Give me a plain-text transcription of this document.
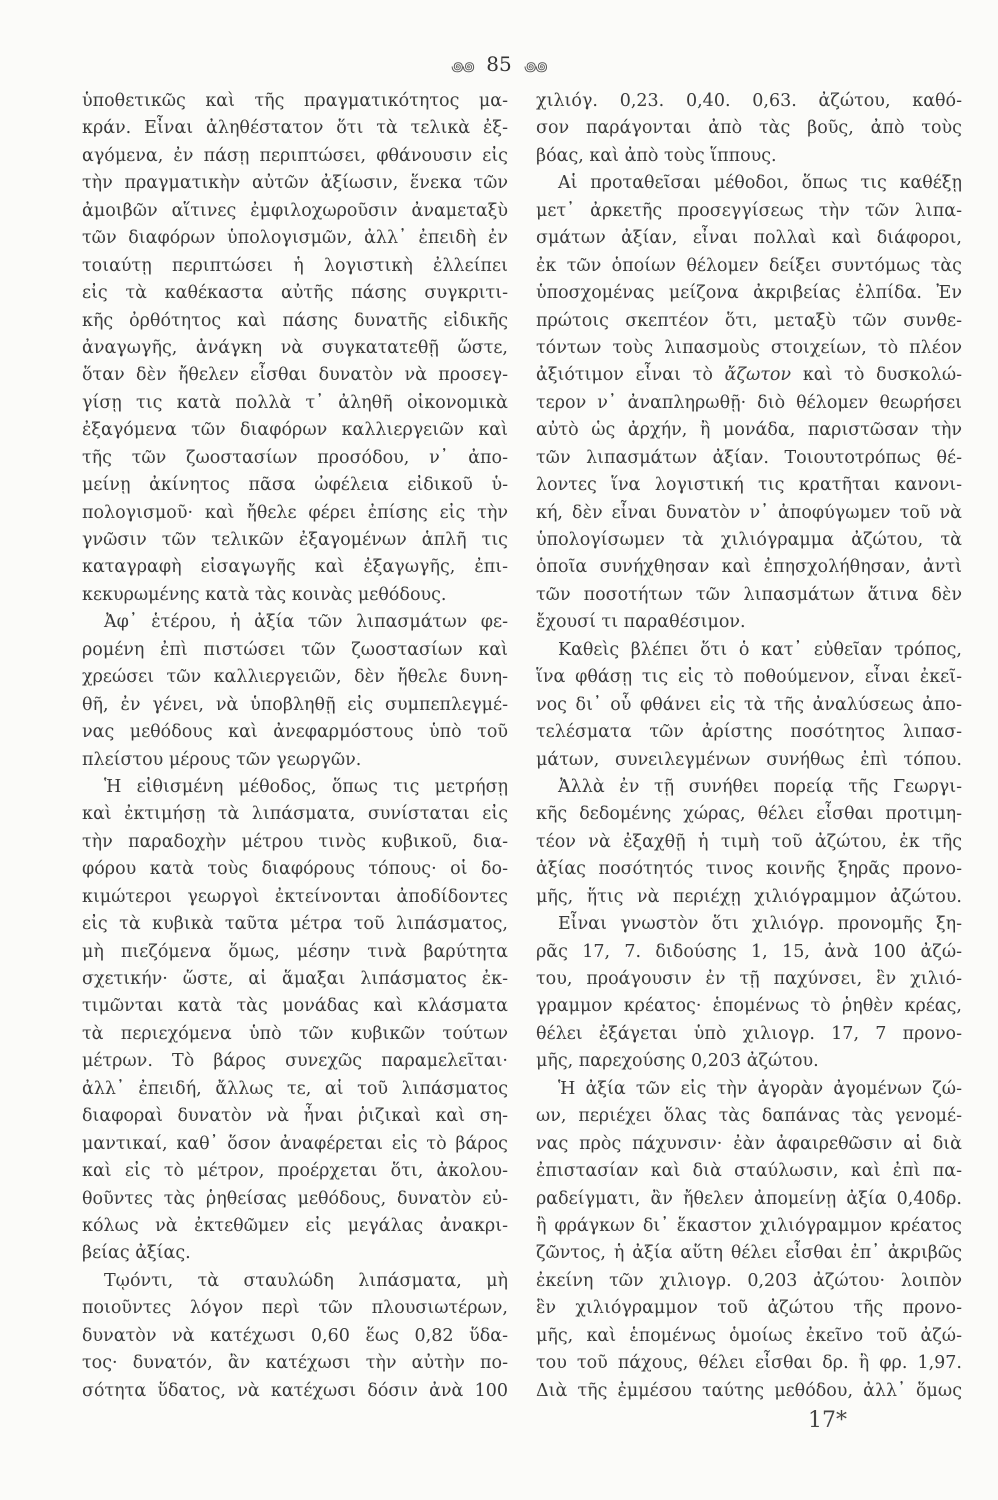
꩜꩜ 85 ꩜꩜
ὑποθετικῶς καὶ τῆς πραγματικότητος μα-
κράν. Εἶναι ἀληθέστατον ὅτι τὰ τελικὰ ἐξ-
αγόμενα, ἐν πάσῃ περιπτώσει, φθάνουσιν εἰς
τὴν πραγματικὴν αὐτῶν ἀξίωσιν, ἕνεκα τῶν
ἀμοιβῶν αἵτινες ἐμφιλοχωροῦσιν ἀναμεταξὺ
τῶν διαφόρων ὑπολογισμῶν, ἀλλ᾽ ἐπειδὴ ἐν
τοιαύτῃ περιπτώσει ἡ λογιστικὴ ἐλλείπει
εἰς τὰ καθέκαστα αὐτῆς πάσης συγκριτι-
κῆς ὀρθότητος καὶ πάσης δυνατῆς εἰδικῆς
ἀναγωγῆς, ἀνάγκη νὰ συγκατατεθῇ ὥστε,
ὅταν δὲν ἤθελεν εἶσθαι δυνατὸν νὰ προσεγ-
γίσῃ τις κατὰ πολλὰ τ᾽ ἀληθῆ οἰκονομικὰ
ἐξαγόμενα τῶν διαφόρων καλλιεργειῶν καὶ
τῆς τῶν ζωοστασίων προσόδου, ν᾽ ἀπο-
μείνῃ ἀκίνητος πᾶσα ὠφέλεια εἰδικοῦ ὑ-
πολογισμοῦ· καὶ ἤθελε φέρει ἐπίσης εἰς τὴν
γνῶσιν τῶν τελικῶν ἐξαγομένων ἁπλῆ τις
καταγραφὴ εἰσαγωγῆς καὶ ἐξαγωγῆς, ἐπι-
κεκυρωμένης κατὰ τὰς κοινὰς μεθόδους.
Ἀφ᾽ ἑτέρου, ἡ ἀξία τῶν λιπασμάτων φε-
ρομένη ἐπὶ πιστώσει τῶν ζωοστασίων καὶ
χρεώσει τῶν καλλιεργειῶν, δὲν ἤθελε δυνη-
θῆ, ἐν γένει, νὰ ὑποβληθῇ εἰς συμπεπλεγμέ-
νας μεθόδους καὶ ἀνεφαρμόστους ὑπὸ τοῦ
πλείστου μέρους τῶν γεωργῶν.
Ἡ εἰθισμένη μέθοδος, ὅπως τις μετρήσῃ
καὶ ἐκτιμήσῃ τὰ λιπάσματα, συνίσταται εἰς
τὴν παραδοχὴν μέτρου τινὸς κυβικοῦ, δια-
φόρου κατὰ τοὺς διαφόρους τόπους· οἱ δο-
κιμώτεροι γεωργοὶ ἐκτείνονται ἀποδίδοντες
εἰς τὰ κυβικὰ ταῦτα μέτρα τοῦ λιπάσματος,
μὴ πιεζόμενα ὅμως, μέσην τινὰ βαρύτητα
σχετικήν· ὥστε, αἱ ἅμαξαι λιπάσματος ἐκ-
τιμῶνται κατὰ τὰς μονάδας καὶ κλάσματα
τὰ περιεχόμενα ὑπὸ τῶν κυβικῶν τούτων
μέτρων. Τὸ βάρος συνεχῶς παραμελεῖται·
ἀλλ᾽ ἐπειδή, ἄλλως τε, αἱ τοῦ λιπάσματος
διαφοραὶ δυνατὸν νὰ ἦναι ῥιζικαὶ καὶ ση-
μαντικαί, καθ᾽ ὅσον ἀναφέρεται εἰς τὸ βάρος
καὶ εἰς τὸ μέτρον, προέρχεται ὅτι, ἀκολου-
θοῦντες τὰς ῥηθείσας μεθόδους, δυνατὸν εὐ-
κόλως νὰ ἐκτεθῶμεν εἰς μεγάλας ἀνακρι-
βείας ἀξίας.
Τῳόντι, τὰ σταυλώδη λιπάσματα, μὴ
ποιοῦντες λόγον περὶ τῶν πλουσιωτέρων,
δυνατὸν νὰ κατέχωσι 0,60 ἕως 0,82 ὕδα-
τος· δυνατόν, ἂν κατέχωσι τὴν αὐτὴν πο-
σότητα ὕδατος, νὰ κατέχωσι δόσιν ἀνὰ 100
χιλιόγ. 0,23. 0,40. 0,63. ἀζώτου, καθό-
σον παράγονται ἀπὸ τὰς βοῦς, ἀπὸ τοὺς
βόας, καὶ ἀπὸ τοὺς ἵππους.
Αἱ προταθεῖσαι μέθοδοι, ὅπως τις καθέξῃ
μετ᾽ ἀρκετῆς προσεγγίσεως τὴν τῶν λιπα-
σμάτων ἀξίαν, εἶναι πολλαὶ καὶ διάφοροι,
ἐκ τῶν ὁποίων θέλομεν δείξει συντόμως τὰς
ὑποσχομένας μείζονα ἀκριβείας ἐλπίδα. Ἐν
πρώτοις σκεπτέον ὅτι, μεταξὺ τῶν συνθε-
τόντων τοὺς λιπασμοὺς στοιχείων, τὸ πλέον
ἀξιότιμον εἶναι τὸ ἄζωτον καὶ τὸ δυσκολώ-
τερον ν᾽ ἀναπληρωθῇ· διὸ θέλομεν θεωρήσει
αὐτὸ ὡς ἀρχήν, ἢ μονάδα, παριστῶσαν τὴν
τῶν λιπασμάτων ἀξίαν. Τοιουτοτρόπως θέ-
λοντες ἵνα λογιστική τις κρατῆται κανονι-
κή, δὲν εἶναι δυνατὸν ν᾽ ἀποφύγωμεν τοῦ νὰ
ὑπολογίσωμεν τὰ χιλιόγραμμα ἀζώτου, τὰ
ὁποῖα συνήχθησαν καὶ ἐπησχολήθησαν, ἀντὶ
τῶν ποσοτήτων τῶν λιπασμάτων ἅτινα δὲν
ἔχουσί τι παραθέσιμον.
Καθεὶς βλέπει ὅτι ὁ κατ᾽ εὐθεῖαν τρόπος,
ἵνα φθάσῃ τις εἰς τὸ ποθούμενον, εἶναι ἐκεῖ-
νος δι᾽ οὗ φθάνει εἰς τὰ τῆς ἀναλύσεως ἀπο-
τελέσματα τῶν ἀρίστης ποσότητος λιπασ-
μάτων, συνειλεγμένων συνήθως ἐπὶ τόπου.
Ἀλλὰ ἐν τῇ συνήθει πορείᾳ τῆς Γεωργι-
κῆς δεδομένης χώρας, θέλει εἶσθαι προτιμη-
τέον νὰ ἐξαχθῇ ἡ τιμὴ τοῦ ἀζώτου, ἐκ τῆς
ἀξίας ποσότητός τινος κοινῆς ξηρᾶς προνο-
μῆς, ἥτις νὰ περιέχῃ χιλιόγραμμον ἀζώτου.
Εἶναι γνωστὸν ὅτι χιλιόγρ. προνομῆς ξη-
ρᾶς 17, 7. διδούσης 1, 15, ἀνὰ 100 ἀζώ-
του, προάγουσιν ἐν τῇ παχύνσει, ἓν χιλιό-
γραμμον κρέατος· ἑπομένως τὸ ῥηθὲν κρέας,
θέλει ἐξάγεται ὑπὸ χιλιογρ. 17, 7 προνο-
μῆς, παρεχούσης 0,203 ἀζώτου.
Ἡ ἀξία τῶν εἰς τὴν ἀγορὰν ἀγομένων ζώ-
ων, περιέχει ὅλας τὰς δαπάνας τὰς γενομέ-
νας πρὸς πάχυνσιν· ἐὰν ἀφαιρεθῶσιν αἱ διὰ
ἐπιστασίαν καὶ διὰ σταύλωσιν, καὶ ἐπὶ πα-
ραδείγματι, ἂν ἤθελεν ἀπομείνῃ ἀξία 0,40δρ.
ἢ φράγκων δι᾽ ἕκαστον χιλιόγραμμον κρέατος
ζῶντος, ἡ ἀξία αὕτη θέλει εἶσθαι ἐπ᾽ ἀκριβῶς
ἐκείνη τῶν χιλιογρ. 0,203 ἀζώτου· λοιπὸν
ἓν χιλιόγραμμον τοῦ ἀζώτου τῆς προνο-
μῆς, καὶ ἑπομένως ὁμοίως ἐκεῖνο τοῦ ἀζώ-
του τοῦ πάχους, θέλει εἶσθαι δρ. ἢ φρ. 1,97.
Διὰ τῆς ἐμμέσου ταύτης μεθόδου, ἀλλ᾽ ὅμως
17*
